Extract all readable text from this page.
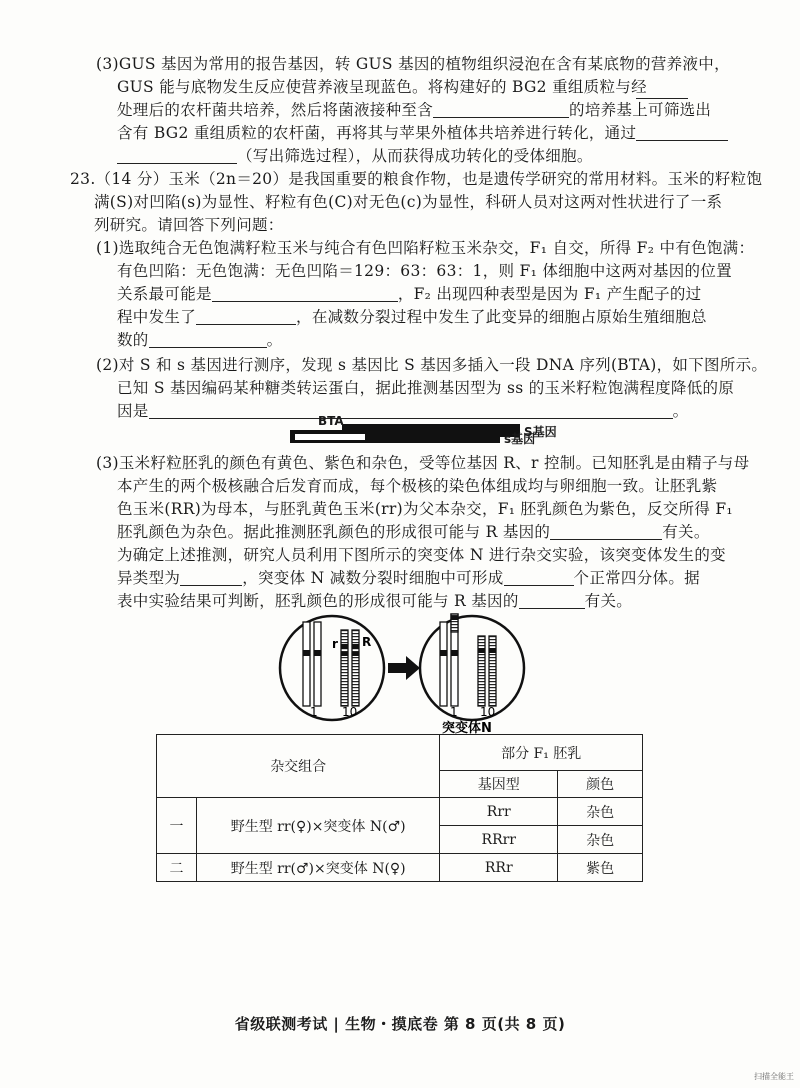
(3)GUS 基因为常用的报告基因，转 GUS 基因的植物组织浸泡在含有某底物的营养液中，
GUS 能与底物发生反应使营养液呈现蓝色。将构建好的 BG2 重组质粒与经
处理后的农杆菌共培养，然后将菌液接种至含	的培养基上可筛选出
含有 BG2 重组质粒的农杆菌，再将其与苹果外植体共培养进行转化，通过
（写出筛选过程），从而获得成功转化的受体细胞。
23.（14 分）玉米（2n＝20）是我国重要的粮食作物，也是遗传学研究的常用材料。玉米的籽粒饱
满(S)对凹陷(s)为显性、籽粒有色(C)对无色(c)为显性，科研人员对这两对性状进行了一系
列研究。请回答下列问题：
(1)选取纯合无色饱满籽粒玉米与纯合有色凹陷籽粒玉米杂交，F₁ 自交，所得 F₂ 中有色饱满：
有色凹陷：无色饱满：无色凹陷＝129：63：63：1，则 F₁ 体细胞中这两对基因的位置
关系最可能是	，F₂ 出现四种表型是因为 F₁ 产生配子的过
程中发生了	，在减数分裂过程中发生了此变异的细胞占原始生殖细胞总
数的	。
(2)对 S 和 s 基因进行测序，发现 s 基因比 S 基因多插入一段 DNA 序列(BTA)，如下图所示。
已知 S 基因编码某种糖类转运蛋白，据此推测基因型为 ss 的玉米籽粒饱满程度降低的原
因是	。
S基因
BTA
s基因
(3)玉米籽粒胚乳的颜色有黄色、紫色和杂色，受等位基因 R、r 控制。已知胚乳是由精子与母
本产生的两个极核融合后发育而成，每个极核的染色体组成均与卵细胞一致。让胚乳紫
色玉米(RR)为母本，与胚乳黄色玉米(rr)为父本杂交，F₁ 胚乳颜色为紫色，反交所得 F₁
胚乳颜色为杂色。据此推测胚乳颜色的形成很可能与 R 基因的	有关。
为确定上述推测，研究人员利用下图所示的突变体 N 进行杂交实验，该突变体发生的变
异类型为	，突变体 N 减数分裂时细胞中可形成	个正常四分体。据
表中实验结果可判断，胚乳颜色的形成很可能与 R 基因的	有关。
r R
1 10	1 10
突变体N
杂交组合		部分 F₁ 胚乳	
		基因型	颜色
一	野生型 rr(♀)×突变体 N(♂)	Rrr	杂色
		RRrr	杂色
二	野生型 rr(♂)×突变体 N(♀)	RRr	紫色
省级联测考试 | 生物・摸底卷 第 8 页(共 8 页)
扫描全能王
